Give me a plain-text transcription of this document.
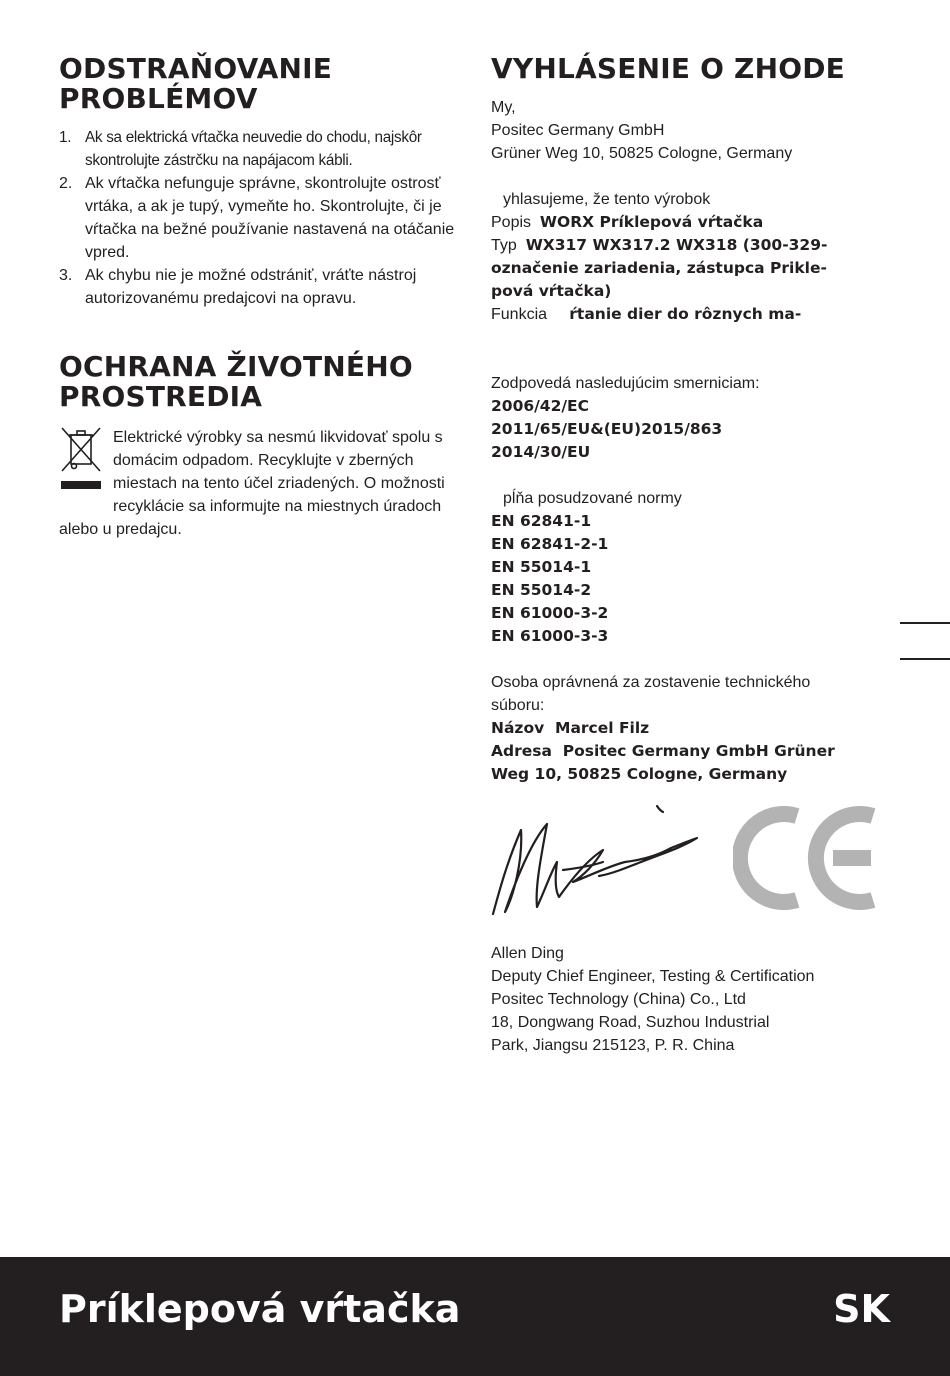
ODSTRAŇOVANIE
PROBLÉMOV
1. Ak sa elektrická vŕtačka neuvedie do chodu, najskôr skontrolujte zástrčku na napájacom kábli.
2. Ak vŕtačka nefunguje správne, skontrolujte ostrosť vrtáka, a ak je tupý, vymeňte ho. Skontrolujte, či je vŕtačka na bežné používanie nastavená na otáčanie vpred.
3. Ak chybu nie je možné odstrániť, vráťte nástroj autorizovanému predajcovi na opravu.
OCHRANA ŽIVOTNÉHO
PROSTREDIA
Elektrické výrobky sa nesmú likvidovať spolu s domácim odpadom. Recyklujte v zberných miestach na tento účel zriadených. O možnosti recyklácie sa informujte na miestnych úradoch alebo u predajcu.
VYHLÁSENIE O ZHODE

My,

Positec Germany GmbH

Grüner Weg 10, 50825 Cologne, Germany

yhlasujeme, že tento výrobok

Popis WORX Príklepová vŕtačka

Typ WX317 WX317.2 WX318 (300-329-

označenie zariadenia, zástupca Prikle-

pová vŕtačka)

Funkcia ŕtanie dier do rôznych ma-

Zodpovedá nasledujúcim smerniciam:

2006/42/EC

2011/65/EU&(EU)2015/863

2014/30/EU

pĺňa posudzované normy

EN 62841-1

EN 62841-2-1

EN 55014-1

EN 55014-2

EN 61000-3-2

EN 61000-3-3

Osoba oprávnená za zostavenie technického

súboru:

Názov Marcel Filz

Adresa Positec Germany GmbH Grüner

Weg 10, 50825 Cologne, Germany

Allen Ding

Deputy Chief Engineer, Testing & Certification

Positec Technology (China) Co., Ltd

18, Dongwang Road, Suzhou Industrial

Park, Jiangsu 215123, P. R. China

Príklepová vŕtačka	SK
